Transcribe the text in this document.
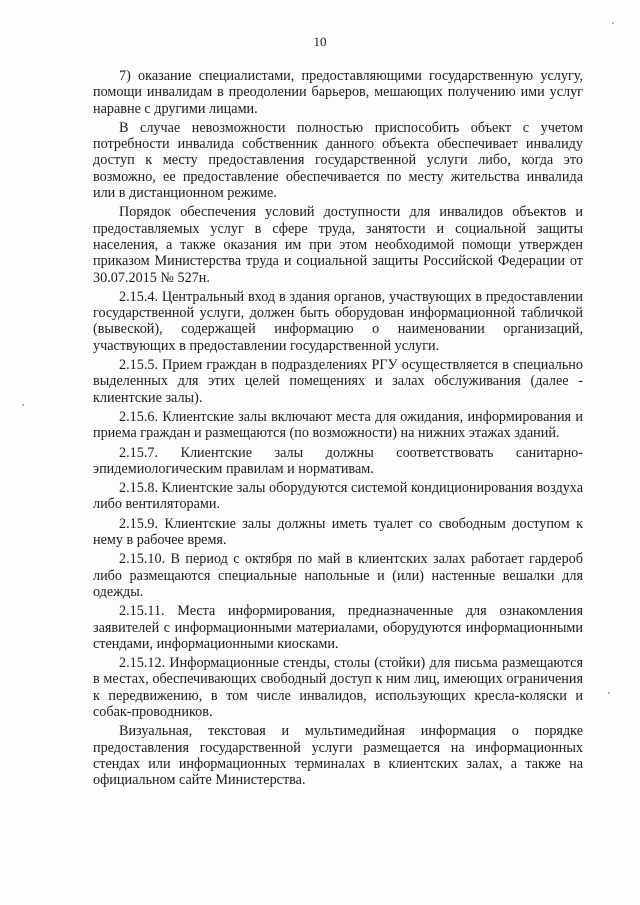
10

7) оказание специалистами, предоставляющими государственную услугу, помощи инвалидам в преодолении барьеров, мешающих получению ими услуг наравне с другими лицами.

В случае невозможности полностью приспособить объект с учетом потребности инвалида собственник данного объекта обеспечивает инвалиду доступ к месту предоставления государственной услуги либо, когда это возможно, ее предоставление обеспечивается по месту жительства инвалида или в дистанционном режиме.

Порядок обеспечения условий доступности для инвалидов объектов и предоставляемых услуг в сфере труда, занятости и социальной защиты населения, а также оказания им при этом необходимой помощи утвержден приказом Министерства труда и социальной защиты Российской Федерации от 30.07.2015 № 527н.

2.15.4. Центральный вход в здания органов, участвующих в предоставлении государственной услуги, должен быть оборудован информационной табличкой (вывеской), содержащей информацию о наименовании организаций, участвующих в предоставлении государственной услуги.

2.15.5. Прием граждан в подразделениях РГУ осуществляется в специально выделенных для этих целей помещениях и залах обслуживания (далее - клиентские залы).

2.15.6. Клиентские залы включают места для ожидания, информирования и приема граждан и размещаются (по возможности) на нижних этажах зданий.

2.15.7. Клиентские залы должны соответствовать санитарно-эпидемиологическим правилам и нормативам.

2.15.8. Клиентские залы оборудуются системой кондиционирования воздуха либо вентиляторами.

2.15.9. Клиентские залы должны иметь туалет со свободным доступом к нему в рабочее время.

2.15.10. В период с октября по май в клиентских залах работает гардероб либо размещаются специальные напольные и (или) настенные вешалки для одежды.

2.15.11. Места информирования, предназначенные для ознакомления заявителей с информационными материалами, оборудуются информационными стендами, информационными киосками.

2.15.12. Информационные стенды, столы (стойки) для письма размещаются в местах, обеспечивающих свободный доступ к ним лиц, имеющих ограничения к передвижению, в том числе инвалидов, использующих кресла-коляски и собак-проводников.

Визуальная, текстовая и мультимедийная информация о порядке предоставления государственной услуги размещается на информационных стендах или информационных терминалах в клиентских залах, а также на официальном сайте Министерства.
